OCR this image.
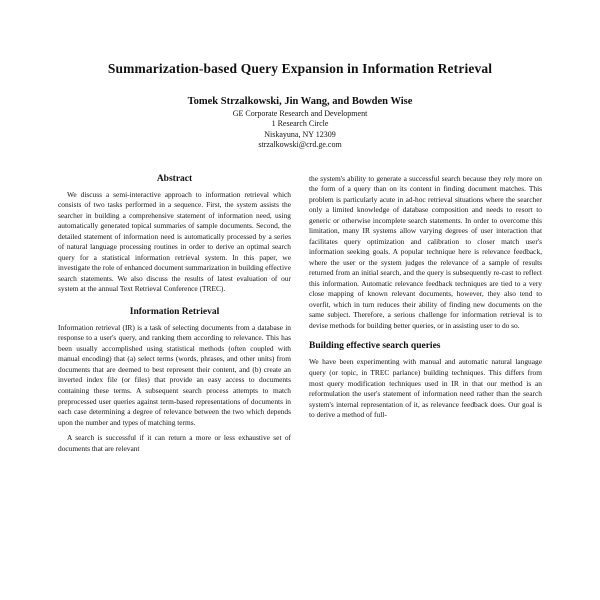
Summarization-based Query Expansion in Information Retrieval
Tomek Strzalkowski, Jin Wang, and Bowden Wise
GE Corporate Research and Development
1 Research Circle
Niskayuna, NY 12309
strzalkowski@crd.ge.com
Abstract

We discuss a semi-interactive approach to information retrieval which consists of two tasks performed in a sequence. First, the system assists the searcher in building a comprehensive statement of information need, using automatically generated topical summaries of sample documents. Second, the detailed statement of information need is automatically processed by a series of natural language processing routines in order to derive an optimal search query for a statistical information retrieval system. In this paper, we investigate the role of enhanced document summarization in building effective search statements. We also discuss the results of latest evaluation of our system at the annual Text Retrieval Conference (TREC).

Information Retrieval

Information retrieval (IR) is a task of selecting documents from a database in response to a user's query, and ranking them according to relevance. This has been usually accomplished using statistical methods (often coupled with manual encoding) that (a) select terms (words, phrases, and other units) from documents that are deemed to best represent their content, and (b) create an inverted index file (or files) that provide an easy access to documents containing these terms. A subsequent search process attempts to match preprocessed user queries against term-based representations of documents in each case determining a degree of relevance between the two which depends upon the number and types of matching terms.

A search is successful if it can return a more or less exhaustive set of documents that are relevant

the system's ability to generate a successful search because they rely more on the form of a query than on its content in finding document matches. This problem is particularly acute in ad-hoc retrieval situations where the searcher only a limited knowledge of database composition and needs to resort to generic or otherwise incomplete search statements. In order to overcome this limitation, many IR systems allow varying degrees of user interaction that facilitates query optimization and calibration to closer match user's information seeking goals. A popular technique here is relevance feedback, where the user or the system judges the relevance of a sample of results returned from an initial search, and the query is subsequently re-cast to reflect this information. Automatic relevance feedback techniques are tied to a very close mapping of known relevant documents, however, they also tend to overfit, which in turn reduces their ability of finding new documents on the same subject. Therefore, a serious challenge for information retrieval is to devise methods for building better queries, or in assisting user to do so.

Building effective search queries

We have been experimenting with manual and automatic natural language query (or topic, in TREC parlance) building techniques. This differs from most query modification techniques used in IR in that our method is an reformulation the user's statement of information need rather than the search system's internal representation of it, as relevance feedback does. Our goal is to derive a method of full-
